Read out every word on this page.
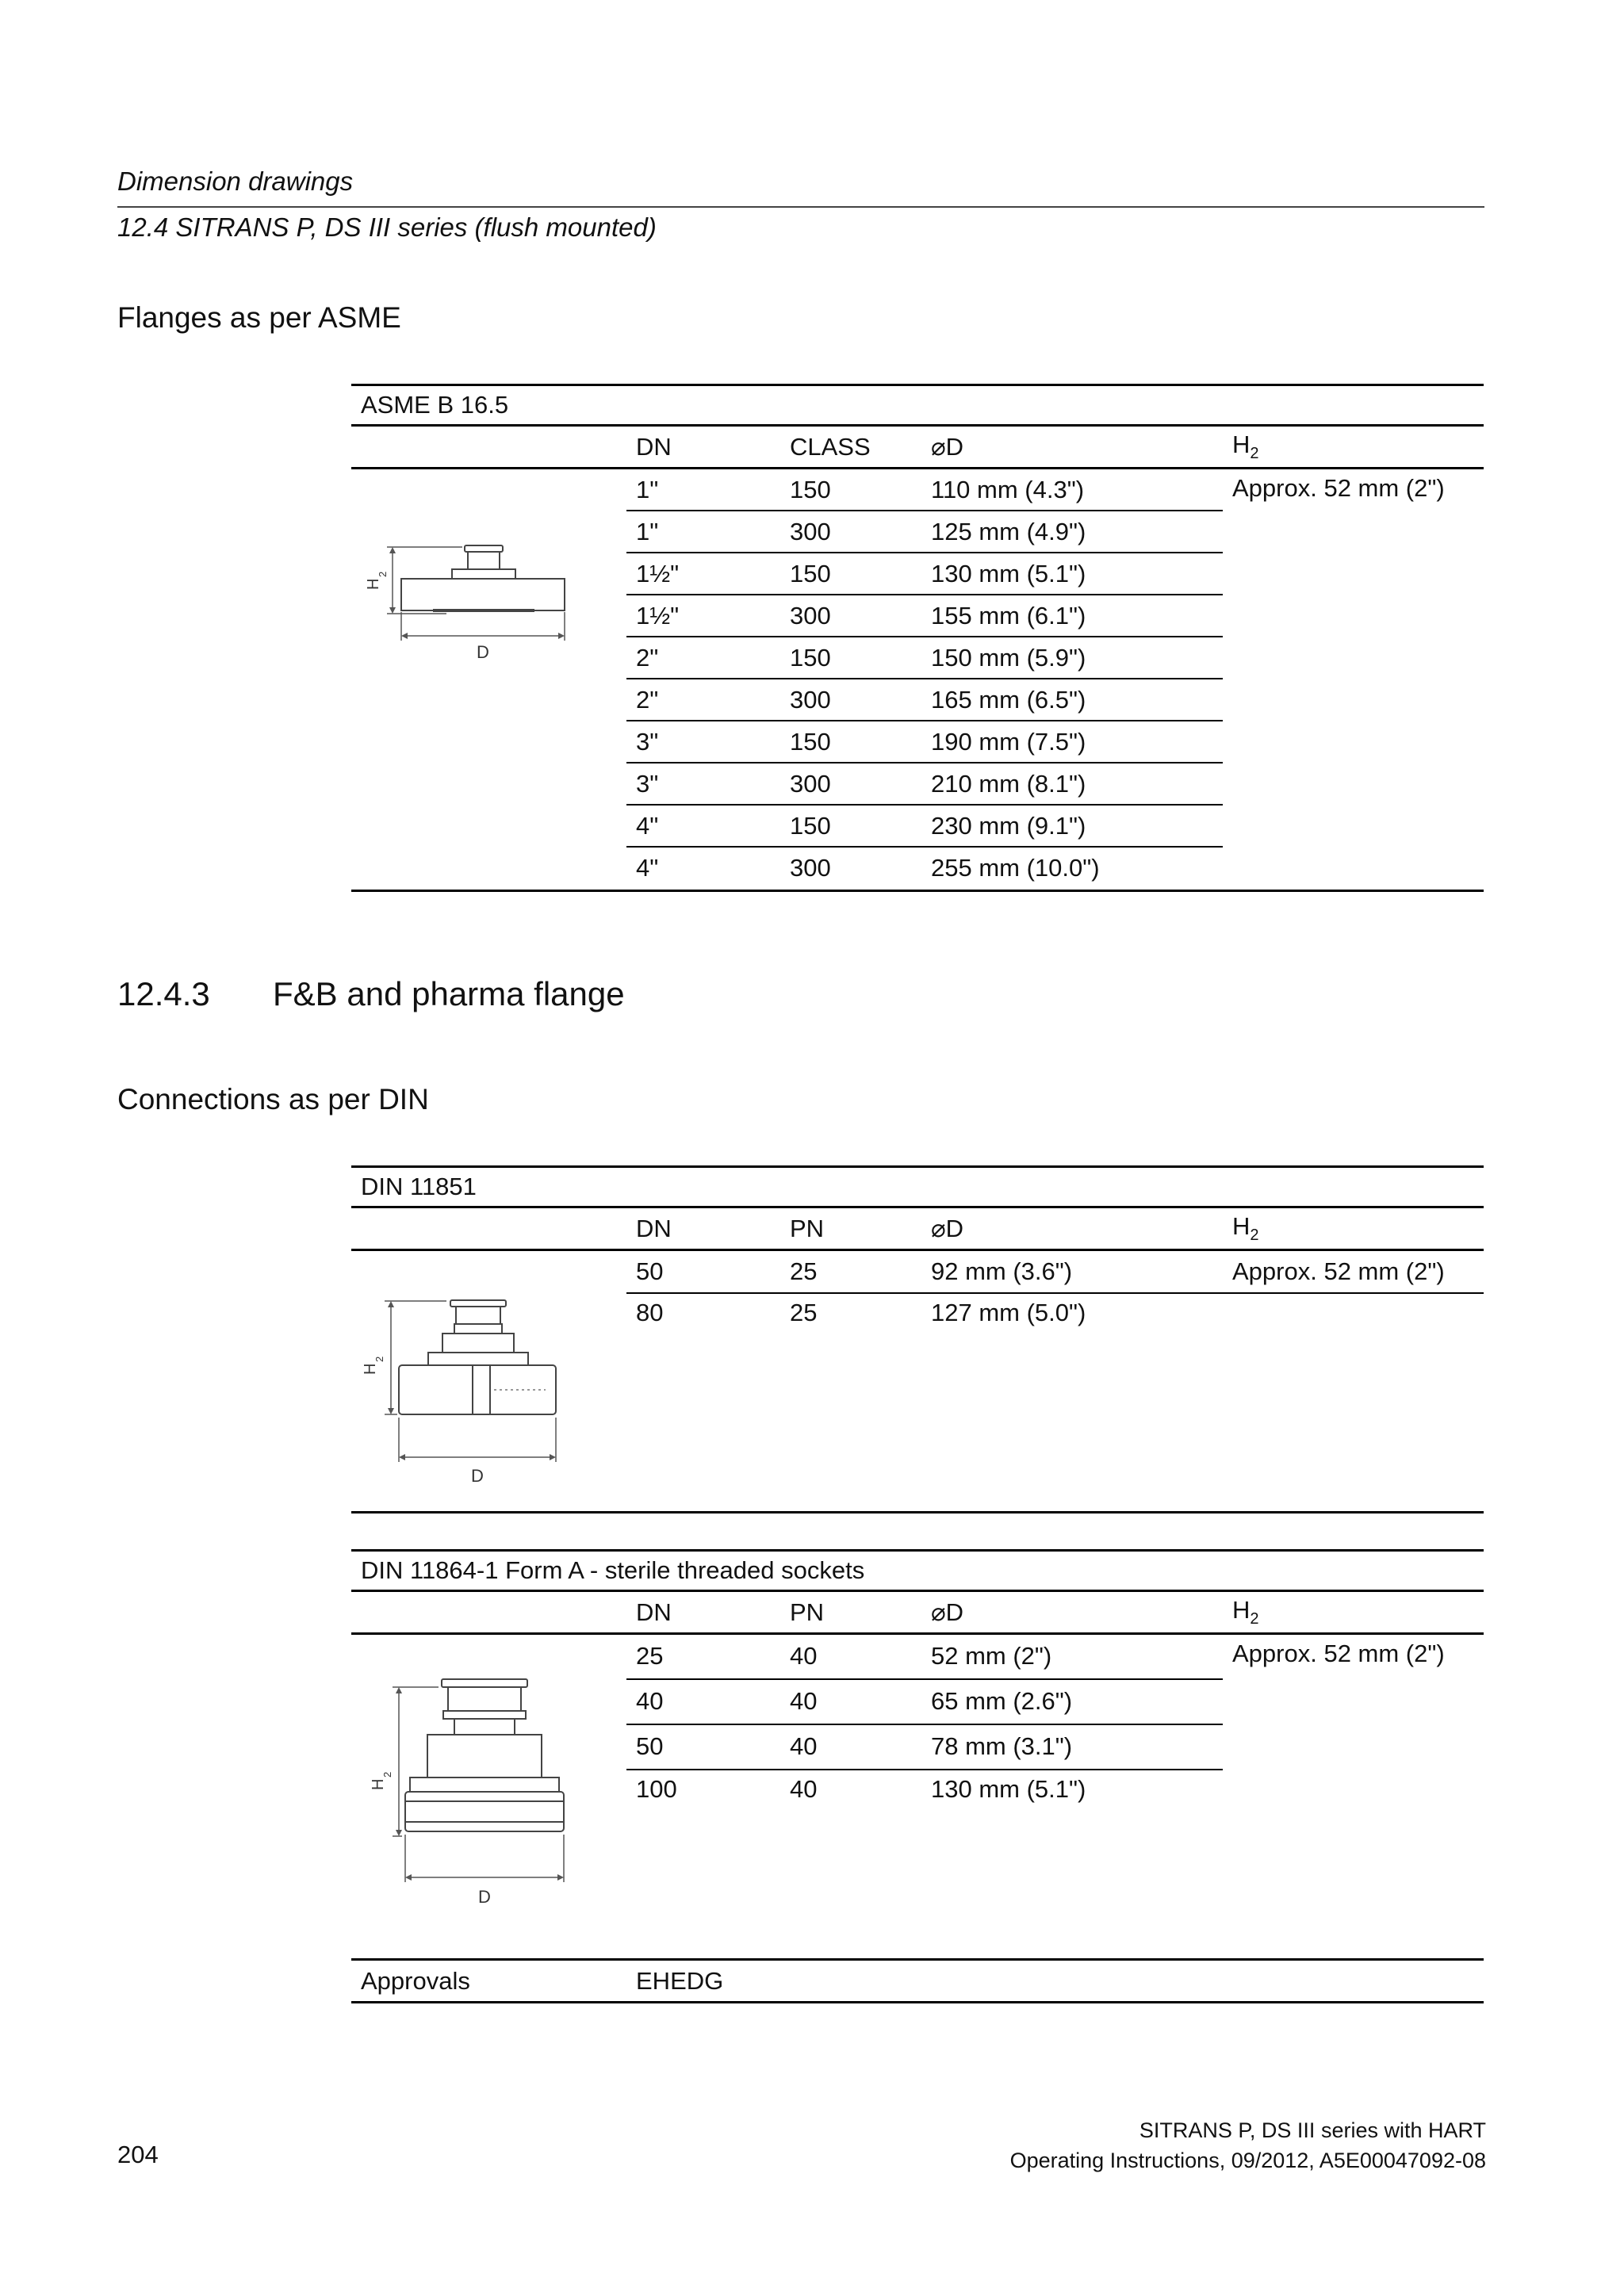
Dimension drawings
12.4 SITRANS P, DS III series (flush mounted)
Flanges as per ASME
ASME B 16.5				
	DN	CLASS	⌀D	$H_2$

H
2
D	1"	150	110 mm (4.3")	Approx. 52 mm (2")
	1"	300	125 mm (4.9")	
	1½"	150	130 mm (5.1")	
	1½"	300	155 mm (6.1")	
	2"	150	150 mm (5.9")	
	2"	300	165 mm (6.5")	
	3"	150	190 mm (7.5")	
	3"	300	210 mm (8.1")	
	4"	150	230 mm (9.1")	
	4"	300	255 mm (10.0")	

12.4.3 F&B and pharma flange
Connections as per DIN
DIN 11851				
	DN	PN	⌀D	$H_2$

H
2
D	50	25	92 mm (3.6")	Approx. 52 mm (2")
	80	25	127 mm (5.0")	

DIN 11864-1 Form A - sterile threaded sockets				
	DN	PN	⌀D	$H_2$

H
2
D	25	40	52 mm (2")	Approx. 52 mm (2")
	40	40	65 mm (2.6")	
	50	40	78 mm (3.1")	
	100	40	130 mm (5.1")	
Approvals	EHEDG			
204
SITRANS P, DS III series with HART
Operating Instructions, 09/2012, A5E00047092-08
